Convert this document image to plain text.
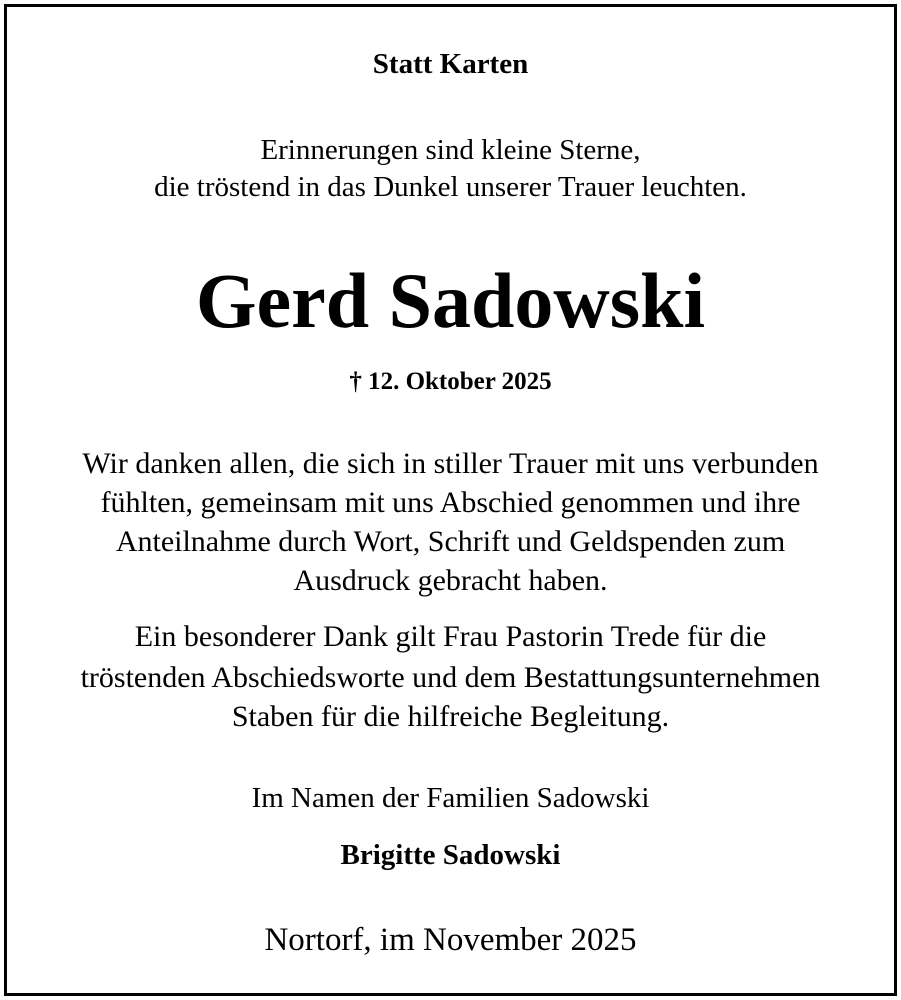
Statt Karten

Erinnerungen sind kleine Sterne,

die tröstend in das Dunkel unserer Trauer leuchten.

Gerd Sadowski

† 12. Oktober 2025

Wir danken allen, die sich in stiller Trauer mit uns verbunden

fühlten, gemeinsam mit uns Abschied genommen und ihre

Anteilnahme durch Wort, Schrift und Geldspenden zum

Ausdruck gebracht haben.

Ein besonderer Dank gilt Frau Pastorin Trede für die

tröstenden Abschiedsworte und dem Bestattungsunternehmen

Staben für die hilfreiche Begleitung.

Im Namen der Familien Sadowski

Brigitte Sadowski

Nortorf, im November 2025
